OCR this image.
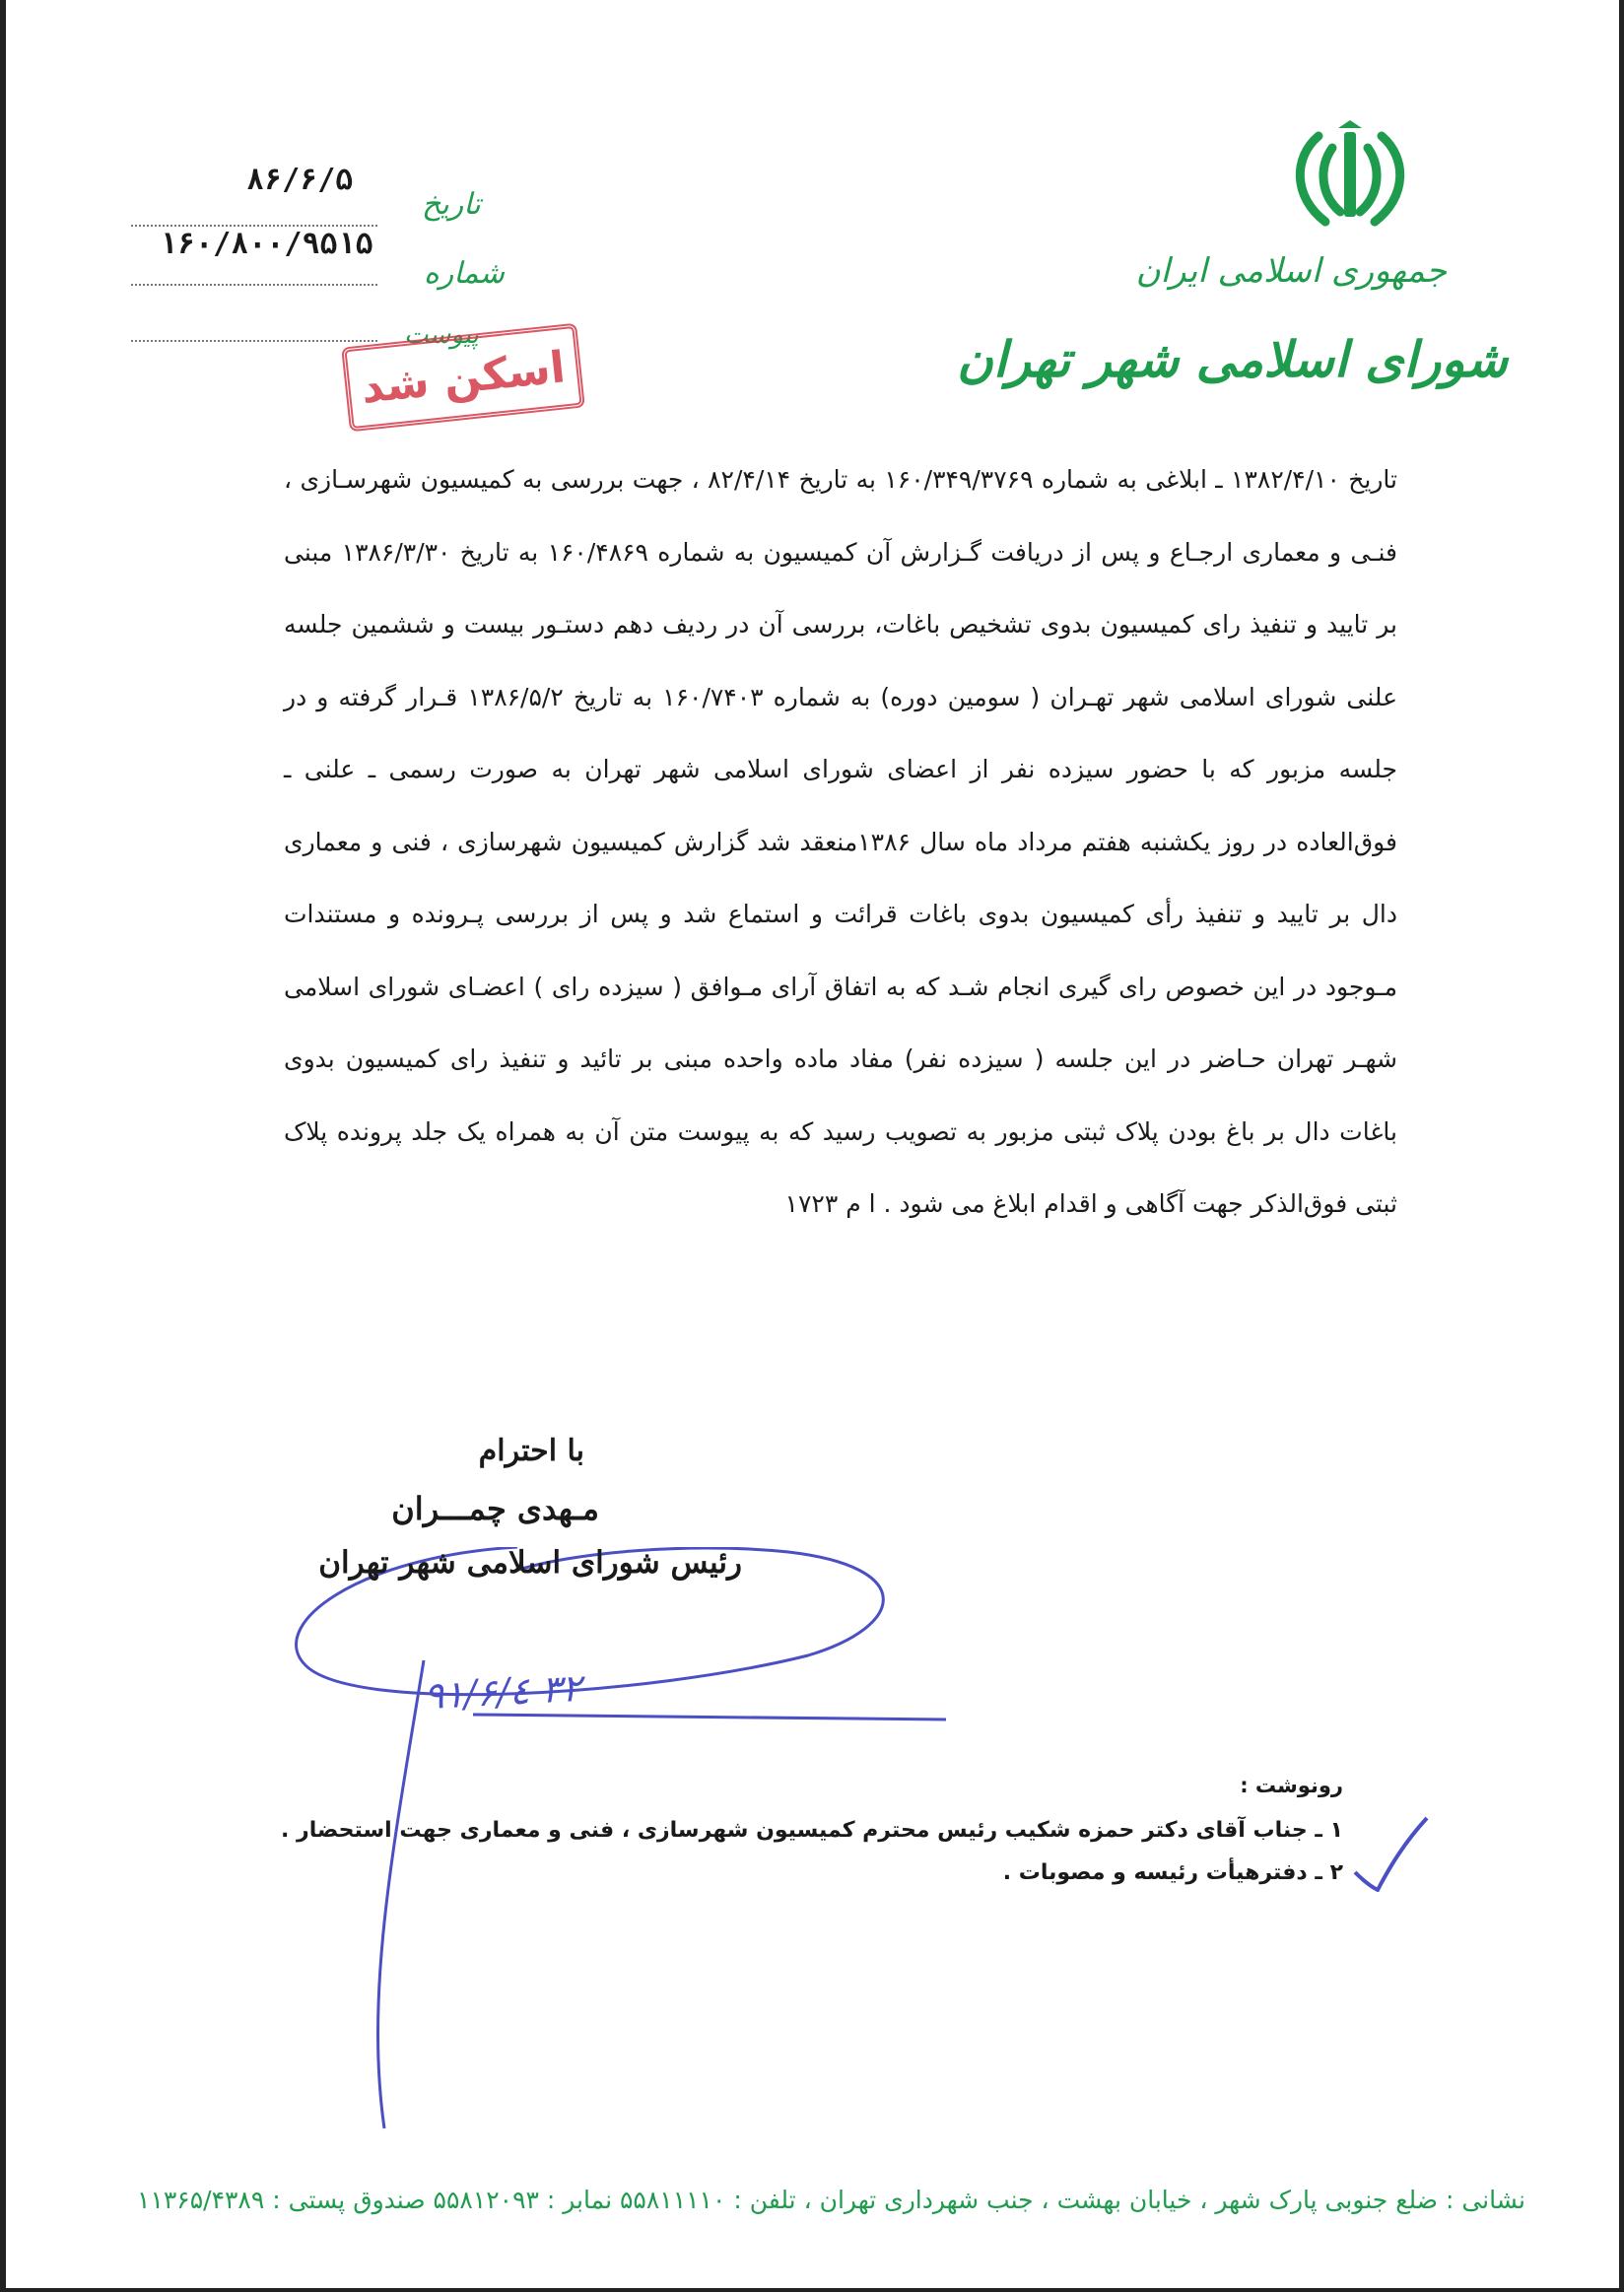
جمهوری اسلامی ایران
شورای اسلامی شهر تهران
۸۶/۶/۵
۱۶۰/۸۰۰/۹۵۱۵
تاریخ
شماره
پیوست
اسکن شد
تاریخ ۱۳۸۲/۴/۱۰ ـ ابلاغی به شماره ۱۶۰/۳۴۹/۳۷۶۹ به تاریخ ۸۲/۴/۱۴ ، جهت بررسی به کمیسیون شهرسـازی ، فنـی و معماری ارجـاع و پس از دریافت گـزارش آن کمیسیون به شماره ۱۶۰/۴۸۶۹ به تاریخ ۱۳۸۶/۳/۳۰ مبنی بر تایید و تنفیذ رای کمیسیون بدوی تشخیص باغات، بررسی آن در ردیف دهم دستـور بیست و ششمین جلسه علنی شورای اسلامی شهر تهـران ( سومین دوره) به شماره ۱۶۰/۷۴۰۳ به تاریخ ۱۳۸۶/۵/۲ قـرار گرفته و در جلسه مزبور که با حضور سیزده نفر از اعضای شورای اسلامی شهر تهران به صورت رسمی ـ علنی ـ فوق‌العاده در روز یکشنبه هفتم مرداد ماه سال ۱۳۸۶منعقد شد گزارش کمیسیون شهرسازی ، فنی و معماری دال بر تایید و تنفیذ رأی کمیسیون بدوی باغات قرائت و استماع شد و پس از بررسی پـرونده و مستندات مـوجود در این خصوص رای گیری انجام شـد که به اتفاق آرای مـوافق ( سیزده رای ) اعضـای شورای اسلامی شهـر تهران حـاضر در این جلسه ( سیزده نفر) مفاد ماده واحده مبنی بر تائید و تنفیذ رای کمیسیون بدوی باغات دال بر باغ بودن پلاک ثبتی مزبور به تصویب رسید که به پیوست متن آن به همراه یک جلد پرونده پلاک ثبتی فوق‌الذکر جهت آگاهی و اقدام ابلاغ می شود . ا م ۱۷۲۳
۹۱/۶/٤ ۳۲
با احترام
مـهدی چمـــران
رئیس شورای اسلامی شهر تهران
رونوشت :
۱ ـ جناب آقای دکتر حمزه شکیب رئیس محترم کمیسیون شهرسازی ، فنی و معماری جهت استحضار .
۲ ـ دفترهیأت رئیسه و مصوبات .
نشانی : ضلع جنوبی پارک شهر ، خیابان بهشت ، جنب شهرداری تهران ، تلفن : ۵۵۸۱۱۱۱۰ نمابر : ۵۵۸۱۲۰۹۳ صندوق پستی : ۱۱۳۶۵/۴۳۸۹
